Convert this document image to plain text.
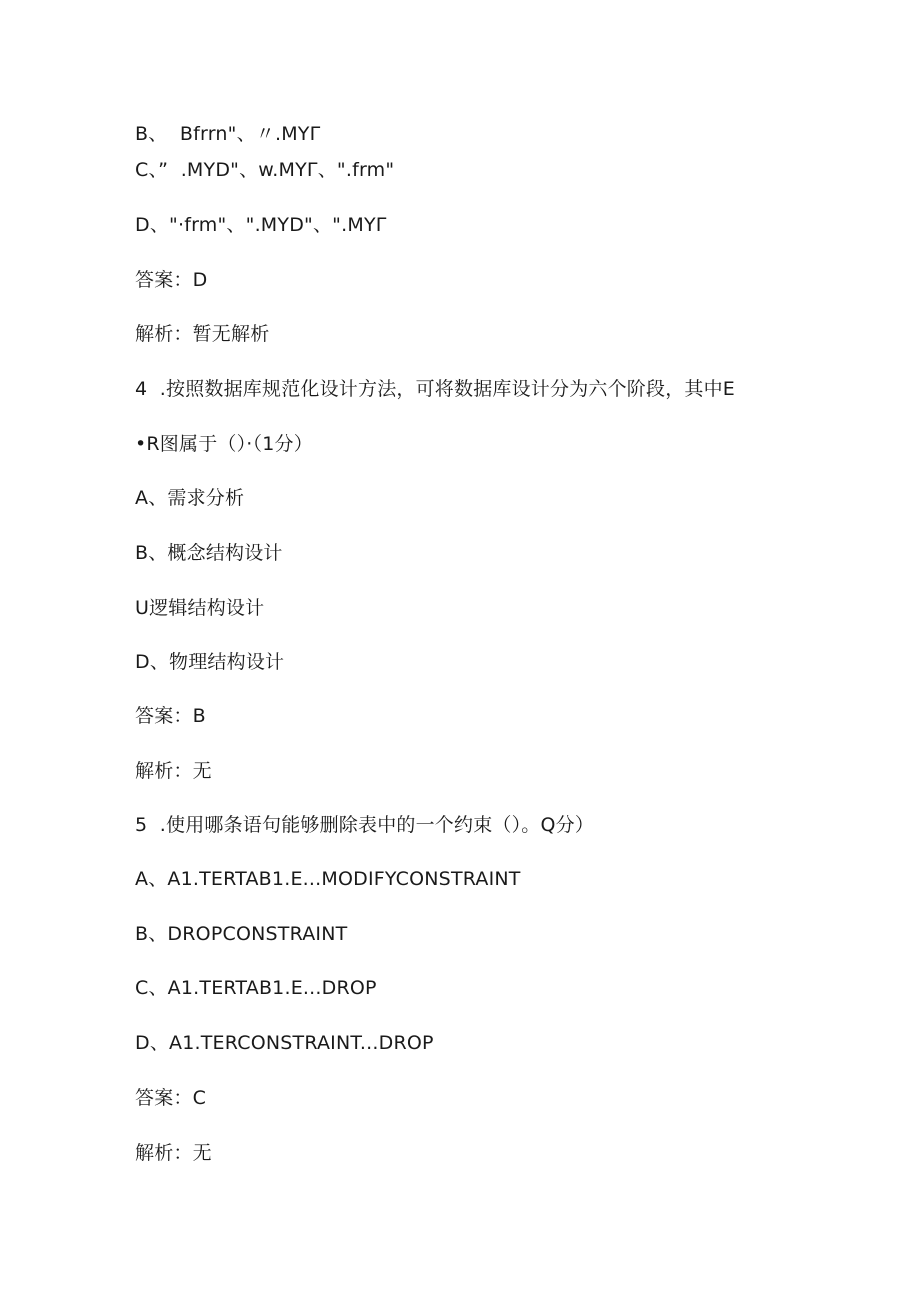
B、  Bfrrn"、〃.MYΓ
C、”  .MYD"、w.MYΓ、".frm"
D、"·frm"、".MYD"、".MYΓ
答案：D
解析：暂无解析
4  .按照数据库规范化设计方法，可将数据库设计分为六个阶段，其中E
•R图属于（）·（1分）
A、需求分析
B、概念结构设计
U逻辑结构设计
D、物理结构设计
答案：B
解析：无
5  .使用哪条语句能够删除表中的一个约束（）。Q分）
A、A1.TERTAB1.E...MODIFYCONSTRAINT
B、DROPCONSTRAINT
C、A1.TERTAB1.E...DROP
D、A1.TERCONSTRAINT...DROP
答案：C
解析：无
